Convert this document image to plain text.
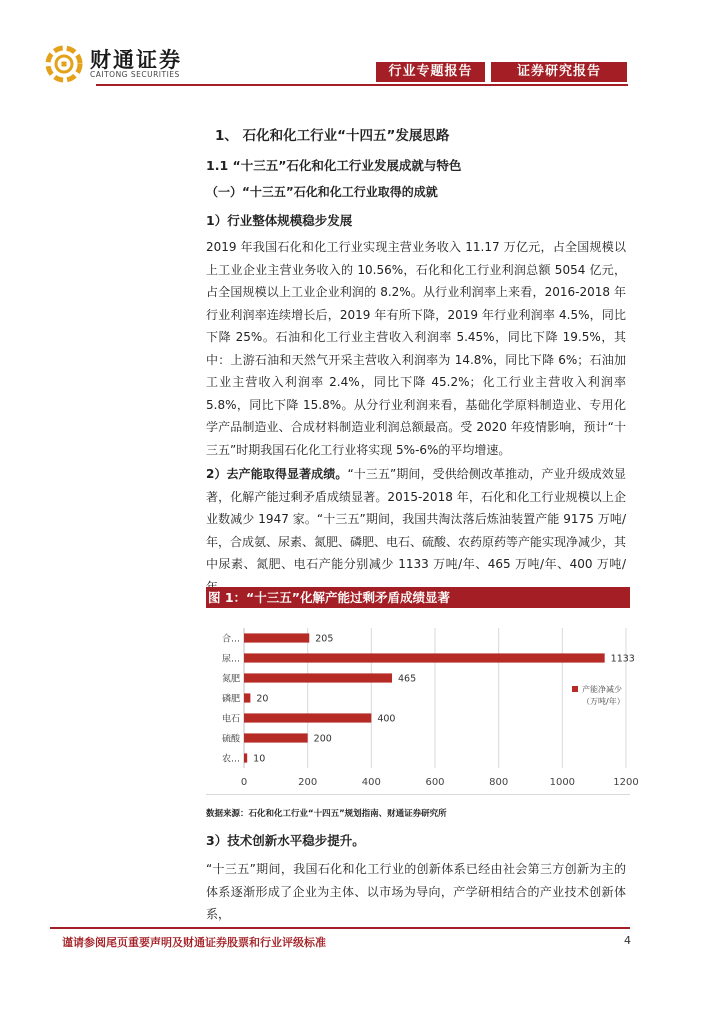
财通证券
CAITONG SECURITIES	行业专题报告	证券研究报告
1、 石化和化工行业“十四五”发展思路
1.1 “十三五”石化和化工行业发展成就与特色
（一）“十三五”石化和化工行业取得的成就
1）行业整体规模稳步发展
2019 年我国石化和化工行业实现主营业务收入 11.17 万亿元，占全国规模以上工业企业主营业务收入的 10.56%，石化和化工行业利润总额 5054 亿元，占全国规模以上工业企业利润的 8.2%。从行业利润率上来看，2016-2018 年行业利润率连续增长后，2019 年有所下降，2019 年行业利润率 4.5%，同比下降 25%。石油和化工行业主营收入利润率 5.45%，同比下降 19.5%，其中：上游石油和天然气开采主营收入利润率为 14.8%，同比下降 6%；石油加工业主营收入利润率 2.4%，同比下降 45.2%；化工行业主营收入利润率 5.8%，同比下降 15.8%。从分行业利润来看，基础化学原料制造业、专用化学产品制造业、合成材料制造业利润总额最高。受 2020 年疫情影响，预计“十三五”时期我国石化化工行业将实现 5%-6%的平均增速。
2）去产能取得显著成绩。“十三五”期间，受供给侧改革推动，产业升级成效显著，化解产能过剩矛盾成绩显著。2015-2018 年，石化和化工行业规模以上企业数减少 1947 家。“十三五”期间，我国共淘汰落后炼油装置产能 9175 万吨/年，合成氨、尿素、氮肥、磷肥、电石、硫酸、农药原药等产能实现净减少，其中尿素、氮肥、电石产能分别减少 1133 万吨/年、465 万吨/年、400 万吨/
图 1：“十三五”化解产能过剩矛盾成绩显著
0	200	400	600	800	1000	1200
合…	205
尿…	1133
氮肥	465
磷肥 20
电石	400
硫酸	200
农… 10
产能净减少
（万吨/年）
数据来源：石化和化工行业“十四五”规划指南、财通证券研究所
3）技术创新水平稳步提升。
“十三五”期间，我国石化和化工行业的创新体系已经由社会第三方创新为主的体系逐渐形成了企业为主体、以市场为导向，产学研相结合的产业技术创新体系，
谨请参阅尾页重要声明及财通证券股票和行业评级标准	4
